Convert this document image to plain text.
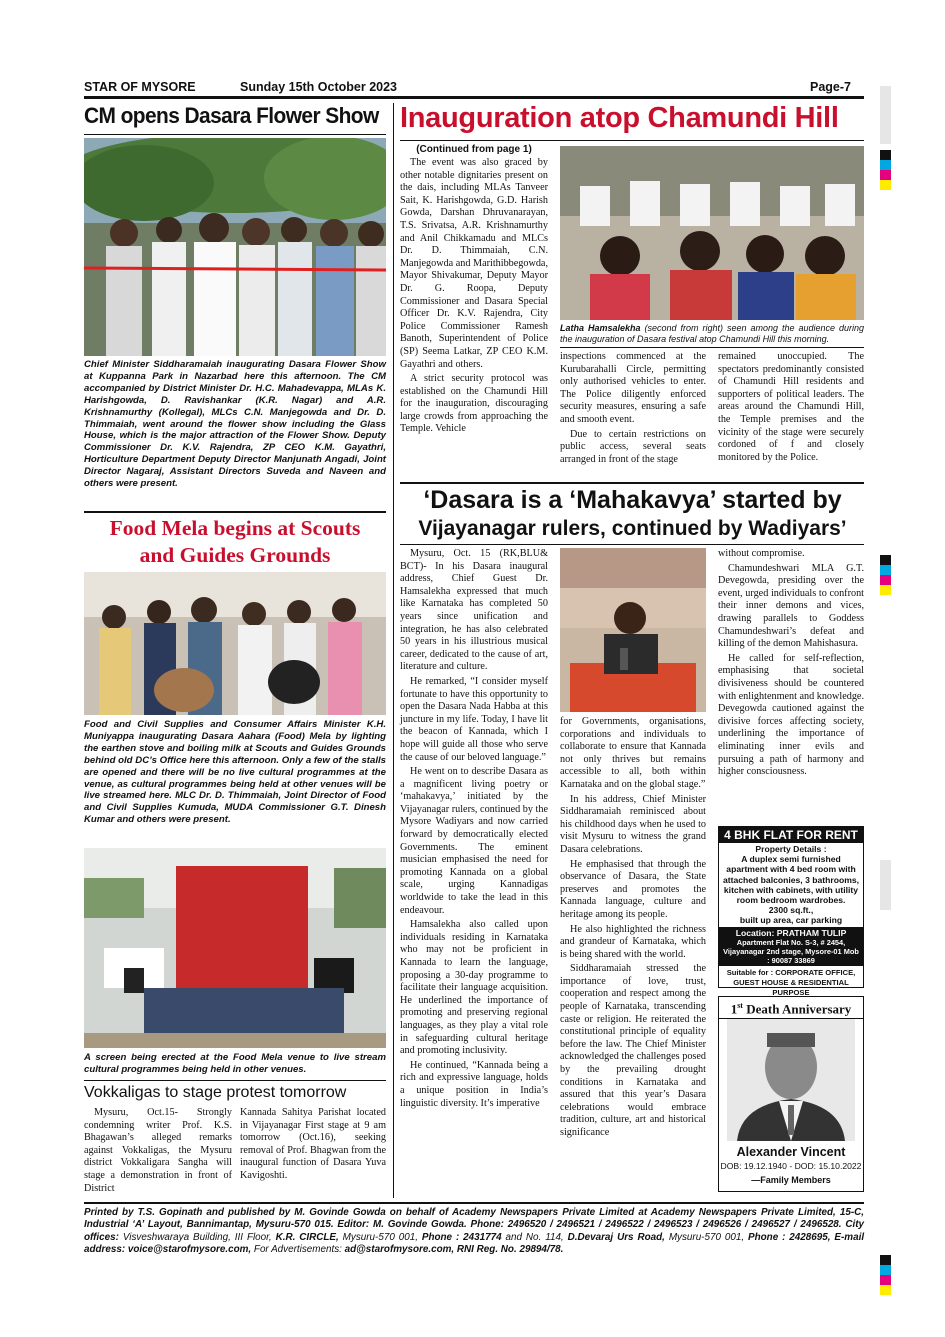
STAR OF MYSORE	Sunday 15th October 2023	Page-7
CM opens Dasara Flower Show
Chief Minister Siddharamaiah inaugurating Dasara Flower Show at Kuppanna Park in Nazarbad here this afternoon. The CM accompanied by District Minister Dr. H.C. Mahadevappa, MLAs K. Harishgowda, D. Ravishankar (K.R. Nagar) and A.R. Krishnamurthy (Kollegal), MLCs C.N. Manjegowda and Dr. D. Thimmaiah, went around the flower show including the Glass House, which is the major attraction of the Flower Show. Deputy Commissioner Dr. K.V. Rajendra, ZP CEO K.M. Gayathri, Horticulture Department Deputy Director Manjunath Angadi, Joint Director Nagaraj, Assistant Directors Suveda and Naveen and others were present.
Food Mela begins at Scouts
and Guides Grounds
Food and Civil Supplies and Consumer Affairs Minister K.H. Muniyappa inaugurating Dasara Aahara (Food) Mela by lighting the earthen stove and boiling milk at Scouts and Guides Grounds behind old DC’s Office here this afternoon. Only a few of the stalls are opened and there will be no live cultural programmes at the venue, as cultural programmes being held at other venues will be live streamed here. MLC Dr. D. Thimmaiah, Joint Director of Food and Civil Supplies Kumuda, MUDA Commissioner G.T. Dinesh Kumar and others were present.
A screen being erected at the Food Mela venue to live stream cultural programmes being held in other venues.
Vokkaligas to stage protest tomorrow

Mysuru, Oct.15- Strongly condemning writer Prof. K.S. Bhagawan’s alleged remarks against Vokkaligas, the Mysuru district Vokkaligara Sangha will stage a demonstration in front of District

Kannada Sahitya Parishat located in Vijayanagar First stage at 9 am tomorrow (Oct.16), seeking removal of Prof. Bhagwan from the inaugural function of Dasara Yuva Kavigoshti.

Inauguration atop Chamundi Hill
(Continued from page 1)

The event was also graced by other notable dignitaries present on the dais, including MLAs Tanveer Sait, K. Harishgowda, G.D. Harish Gowda, Darshan Dhruvanarayan, T.S. Srivatsa, A.R. Krishnamurthy and Anil Chikkamadu and MLCs Dr. D. Thimmaiah, C.N. Manjegowda and Marithibbegowda, Mayor Shivakumar, Deputy Mayor Dr. G. Roopa, Deputy Commissioner and Dasara Special Officer Dr. K.V. Rajendra, City Police Commissioner Ramesh Banoth, Superintendent of Police (SP) Seema Latkar, ZP CEO K.M. Gayathri and others.

A strict security protocol was established on the Chamundi Hill for the inauguration, discouraging large crowds from approaching the Temple. Vehicle

Latha Hamsalekha (second from right) seen among the audience during the inauguration of Dasara festival atop Chamundi Hill this morning.

inspections commenced at the Kurubarahalli Circle, permitting only authorised vehicles to enter. The Police diligently enforced security measures, ensuring a safe and smooth event.

Due to certain restrictions on public access, several seats arranged in front of the stage

remained unoccupied. The spectators predominantly consisted of Chamundi Hill residents and supporters of political leaders. The areas around the Chamundi Hill, the Temple premises and the vicinity of the stage were securely cordoned of f and closely monitored by the Police.

‘Dasara is a ‘Mahakavya’ started by
Vijayanagar rulers, continued by Wadiyars’

Mysuru, Oct. 15 (RK,BLU& BCT)- In his Dasara inaugural address, Chief Guest Dr. Hamsalekha expressed that much like Karnataka has completed 50 years since unification and integration, he has also celebrated 50 years in his illustrious musical career, dedicated to the cause of art, literature and culture.

He remarked, “I consider myself fortunate to have this opportunity to open the Dasara Nada Habba at this juncture in my life. Today, I have lit the beacon of Kannada, which I hope will guide all those who serve the cause of our beloved language.”

He went on to describe Dasara as a magnificent living poetry or ‘mahakavya,’ initiated by the Vijayanagar rulers, continued by the Mysore Wadiyars and now carried forward by democratically elected Governments. The eminent musician emphasised the need for promoting Kannada on a global scale, urging Kannadigas worldwide to take the lead in this endeavour.

Hamsalekha also called upon individuals residing in Karnataka who may not be proficient in Kannada to learn the language, proposing a 30-day programme to facilitate their language acquisition. He underlined the importance of promoting and preserving regional languages, as they play a vital role in safeguarding cultural heritage and promoting inclusivity.

He continued, “Kannada being a rich and expressive language, holds a unique position in India’s linguistic diversity. It’s imperative

for Governments, organisations, corporations and individuals to collaborate to ensure that Kannada not only thrives but remains accessible to all, both within Karnataka and on the global stage.”

In his address, Chief Minister Siddharamaiah reminisced about his childhood days when he used to visit Mysuru to witness the grand Dasara celebrations.

He emphasised that through the observance of Dasara, the State preserves and promotes the Kannada language, culture and heritage among its people.

He also highlighted the richness and grandeur of Karnataka, which is being shared with the world.

Siddharamaiah stressed the importance of love, trust, cooperation and respect among the people of Karnataka, transcending caste or religion. He reiterated the constitutional principle of equality before the law. The Chief Minister acknowledged the challenges posed by the prevailing drought conditions in Karnataka and assured that this year’s Dasara celebrations would embrace tradition, culture, art and historical significance

without compromise.

Chamundeshwari MLA G.T. Devegowda, presiding over the event, urged individuals to confront their inner demons and vices, drawing parallels to Goddess Chamundeshwari’s defeat and killing of the demon Mahishasura.

He called for self-reflection, emphasising that societal divisiveness should be countered with enlightenment and knowledge. Devegowda cautioned against the divisive forces affecting society, underlining the importance of eliminating inner evils and pursuing a path of harmony and higher consciousness.

4 BHK FLAT FOR RENT
Property Details :
A duplex semi furnished apartment with 4 bed room with attached balconies, 3 bathrooms, kitchen with cabinets, with utility room bedroom wardrobes.
2300 sq.ft.,
built up area, car parking
Location: PRATHAM TULIP
Apartment Flat No. S-3, # 2454, Vijayanagar 2nd stage, Mysore-01 Mob : 90087 33869
Suitable for : CORPORATE OFFICE,
GUEST HOUSE & RESIDENTIAL PURPOSE
1st Death Anniversary
Alexander Vincent
DOB: 19.12.1940 - DOD: 15.10.2022
—Family Members
Printed by T.S. Gopinath and published by M. Govinde Gowda on behalf of Academy Newspapers Private Limited at Academy Newspapers Private Limited, 15-C, Industrial ‘A’ Layout, Bannimantap, Mysuru-570 015. Editor: M. Govinde Gowda. Phone: 2496520 / 2496521 / 2496522 / 2496523 / 2496526 / 2496527 / 2496528. City offices: Visveshwaraya Building, III Floor, K.R. CIRCLE, Mysuru-570 001, Phone : 2431774 and No. 114, D.Devaraj Urs Road, Mysuru-570 001, Phone : 2428695, E-mail address: voice@starofmysore.com, For Advertisements: ad@starofmysore.com, RNI Reg. No. 29894/78.
